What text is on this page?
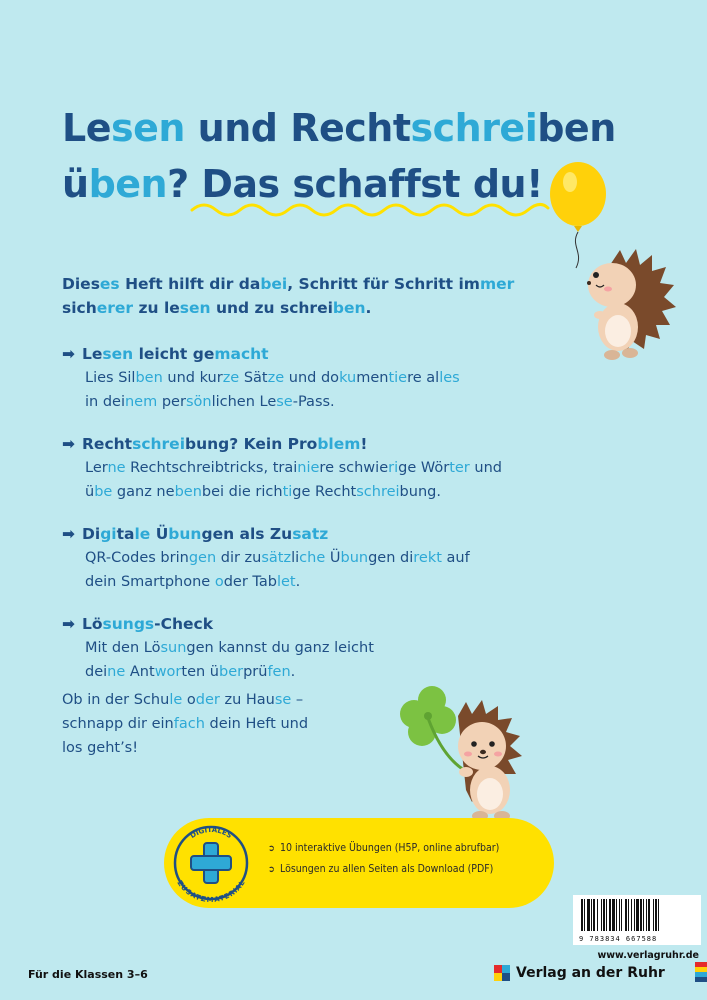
Lesen und Rechtschreiben
üben? Das schaffst du!
Dieses Heft hilft dir dabei, Schritt für Schritt immer sicherer zu lesen und zu schreiben.
➡ Lesen leicht gemacht
Lies Silben und kurze Sätze und dokumentiere alles
in deinem persönlichen Lese-Pass.
➡ Rechtschreibung? Kein Problem!
Lerne Rechtschreibtricks, trainiere schwierige Wörter und
übe ganz nebenbei die richtige Rechtschreibung.
➡ Digitale Übungen als Zusatz
QR-Codes bringen dir zusätzliche Übungen direkt auf
dein Smartphone oder Tablet.
➡ Lösungs-Check
Mit den Lösungen kannst du ganz leicht
deine Antworten überprüfen.
Ob in der Schule oder zu Hause –
schnapp dir einfach dein Heft und
los geht’s!
DIGITALES
ZUSATZMATERIAL
➲ 10 interaktive Übungen (H5P, online abrufbar)
➲ Lösungen zu allen Seiten als Download (PDF)
9 783834 667588
www.verlagruhr.de
Verlag an der Ruhr
Für die Klassen 3–6
